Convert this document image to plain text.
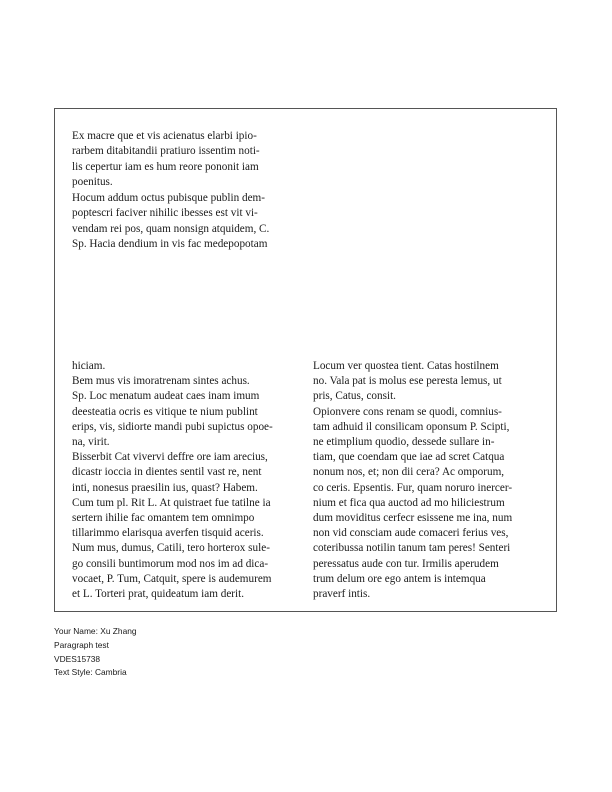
Ex macre que et vis acienatus elarbi ipio-
rarbem ditabitandii pratiuro issentim noti-
lis cepertur iam es hum reore pononit iam
poenitus.
Hocum addum octus pubisque publin dem-
poptescri faciver nihilic ibesses est vit vi-
vendam rei pos, quam nonsign atquidem, C.
Sp. Hacia dendium in vis fac medepopotam
hiciam.
Bem mus vis imoratrenam sintes achus.
Sp. Loc menatum audeat caes inam imum
deesteatia ocris es vitique te nium publint
erips, vis, sidiorte mandi pubi supictus opoe-
na, virit.
Bisserbit Cat vivervi deffre ore iam arecius,
dicastr ioccia in dientes sentil vast re, nent
inti, nonesus praesilin ius, quast? Habem.
Cum tum pl. Rit L. At quistraet fue tatilne ia
sertern ihilie fac omantem tem omnimpo
tillarimmo elarisqua averfen tisquid aceris.
Num mus, dumus, Catili, tero horterox sule-
go consili buntimorum mod nos im ad dica-
vocaet, P. Tum, Catquit, spere is audemurem
et L. Torteri prat, quideatum iam derit.
Locum ver quostea tient. Catas hostilnem
no. Vala pat is molus ese peresta lemus, ut
pris, Catus, consit.
Opionvere cons renam se quodi, comnius-
tam adhuid il consilicam oponsum P. Scipti,
ne etimplium quodio, dessede sullare in-
tiam, que coendam que iae ad scret Catqua
nonum nos, et; non dii cera? Ac omporum,
co ceris. Epsentis. Fur, quam noruro inercer-
nium et fica qua auctod ad mo hiliciestrum
dum moviditus cerfecr esissene me ina, num
non vid consciam aude comaceri ferius ves,
coteribussa notilin tanum tam peres! Senteri
peressatus aude con tur. Irmilis aperudem
trum delum ore ego antem is intemqua
praverf intis.
Your Name: Xu Zhang
Paragraph test
VDES15738
Text Style: Cambria
